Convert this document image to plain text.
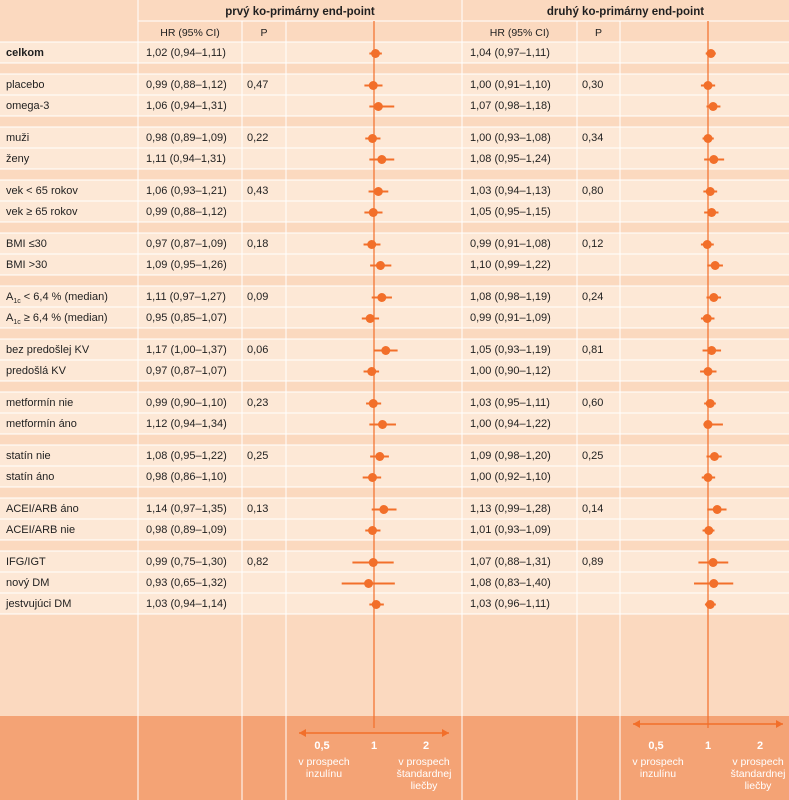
prvý ko-primárny end-point	druhý ko-primárny end-point
HR (95% CI)	P	HR (95% CI)	P
celkom	1,02 (0,94–1,11)	1,04 (0,97–1,11)
placebo	0,99 (0,88–1,12) 0,47	1,00 (0,91–1,10)	0,30
omega-3	1,06 (0,94–1,31)	1,07 (0,98–1,18)
muži	0,98 (0,89–1,09) 0,22	1,00 (0,93–1,08)	0,34
ženy	1,11 (0,94–1,31)	1,08 (0,95–1,24)
vek < 65 rokov	1,06 (0,93–1,21) 0,43	1,03 (0,94–1,13)	0,80
vek ≥ 65 rokov	0,99 (0,88–1,12)	1,05 (0,95–1,15)
BMI ≤30	0,97 (0,87–1,09) 0,18	0,99 (0,91–1,08)	0,12
BMI >30	1,09 (0,95–1,26)	1,10 (0,99–1,22)
$A_{1c} < 6,4$ % (median)	1,11 (0,97–1,27) 0,09	1,08 (0,98–1,19)	0,24
$A_{1c} \ge 6,4$ % (median)	0,95 (0,85–1,07)	0,99 (0,91–1,09)
bez predošlej KV	1,17 (1,00–1,37) 0,06	1,05 (0,93–1,19)	0,81
predošlá KV	0,97 (0,87–1,07)	1,00 (0,90–1,12)
metformín nie	0,99 (0,90–1,10) 0,23	1,03 (0,95–1,11)	0,60
metformín áno	1,12 (0,94–1,34)	1,00 (0,94–1,22)
statín nie	1,08 (0,95–1,22) 0,25	1,09 (0,98–1,20)	0,25
statín áno	0,98 (0,86–1,10)	1,00 (0,92–1,10)
ACEI/ARB áno	1,14 (0,97–1,35) 0,13	1,13 (0,99–1,28)	0,14
ACEI/ARB nie	0,98 (0,89–1,09)	1,01 (0,93–1,09)
IFG/IGT	0,99 (0,75–1,30) 0,82	1,07 (0,88–1,31)	0,89
nový DM	0,93 (0,65–1,32)	1,08 (0,83–1,40)
jestvujúci DM	1,03 (0,94–1,14)	1,03 (0,96–1,11)
0,5	1	2
v prospech
inzulínu
v prospech
štandardnej
liečby
0,5	1	2
v prospech
inzulínu
v prospech
štandardnej
liečby
